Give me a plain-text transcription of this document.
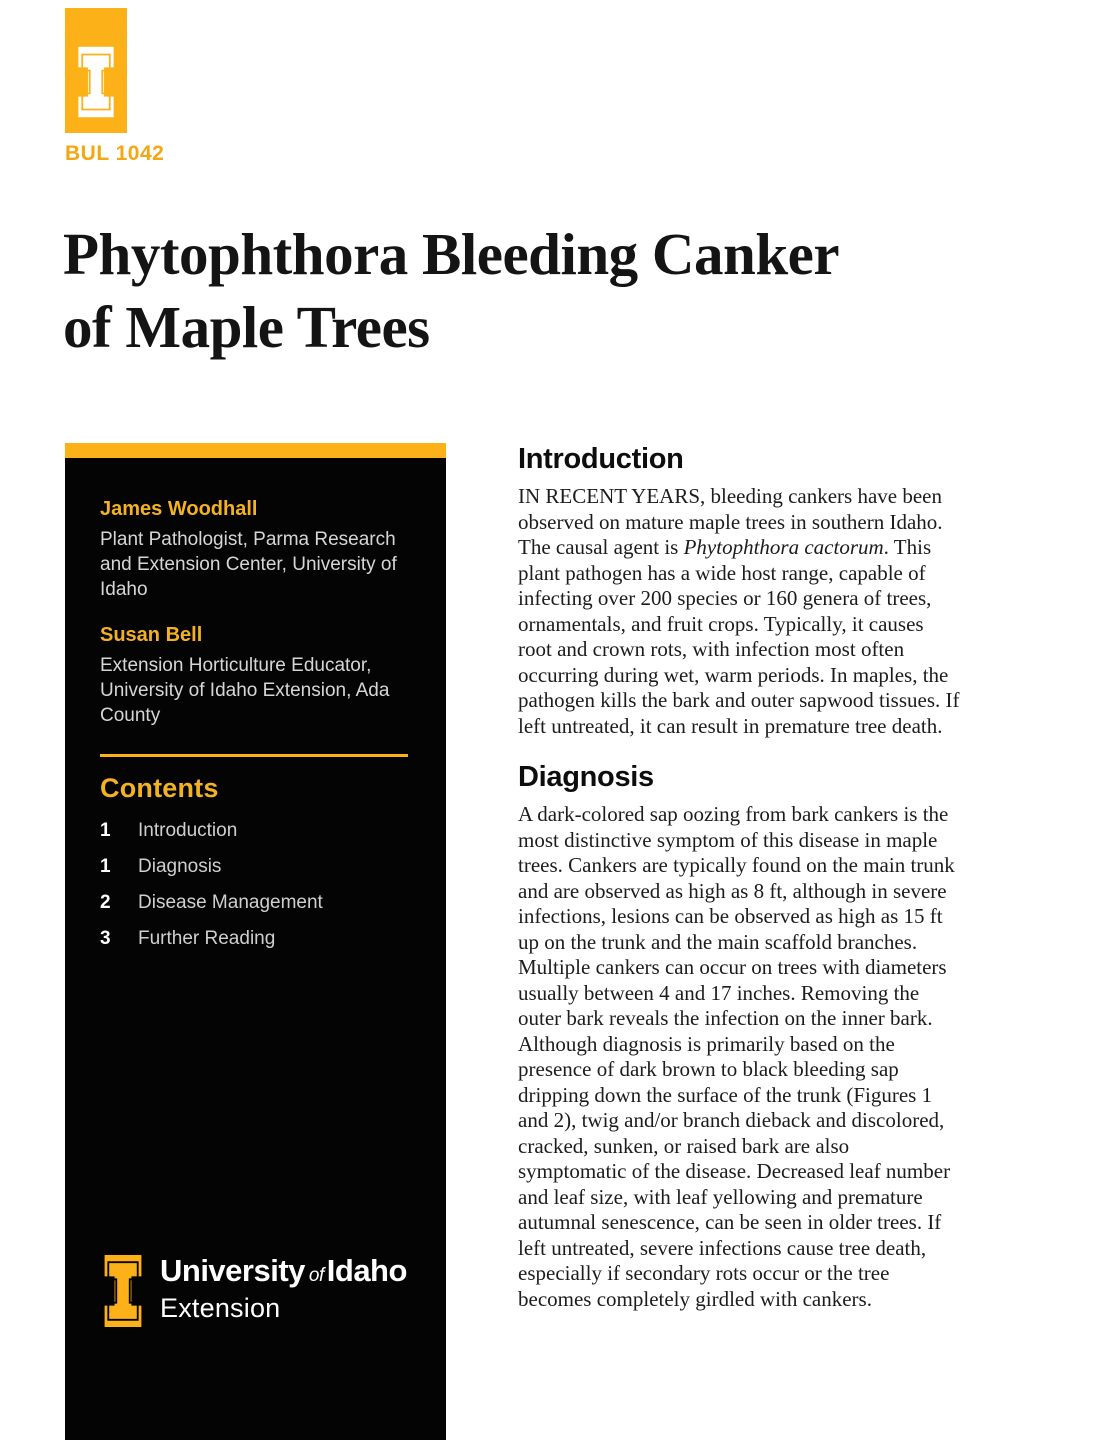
BUL 1042
Phytophthora Bleeding Canker
of Maple Trees
James Woodhall
Plant Pathologist, Parma Research and Extension Center, University of Idaho
Susan Bell
Extension Horticulture Educator, University of Idaho Extension, Ada County
Contents
1	Introduction
1	Diagnosis
2	Disease Management
3	Further Reading
University of Idaho
Extension
Introduction

IN RECENT YEARS, bleeding cankers have been observed on mature maple trees in southern Idaho. The causal agent is Phytophthora cactorum. This plant pathogen has a wide host range, capable of infecting over 200 species or 160 genera of trees, ornamentals, and fruit crops. Typically, it causes root and crown rots, with infection most often occurring during wet, warm periods. In maples, the pathogen kills the bark and outer sapwood tissues. If left untreated, it can result in premature tree death.

Diagnosis

A dark-colored sap oozing from bark cankers is the most distinctive symptom of this disease in maple trees. Cankers are typically found on the main trunk and are observed as high as 8 ft, although in severe infections, lesions can be observed as high as 15 ft up on the trunk and the main scaffold branches. Multiple cankers can occur on trees with diameters usually between 4 and 17 inches. Removing the outer bark reveals the infection on the inner bark. Although diagnosis is primarily based on the presence of dark brown to black bleeding sap dripping down the surface of the trunk (Figures 1 and 2), twig and/or branch dieback and discolored, cracked, sunken, or raised bark are also symptomatic of the disease. Decreased leaf number and leaf size, with leaf yellowing and premature autumnal senescence, can be seen in older trees. If left untreated, severe infections cause tree death, especially if secondary rots occur or the tree becomes completely girdled with cankers.
